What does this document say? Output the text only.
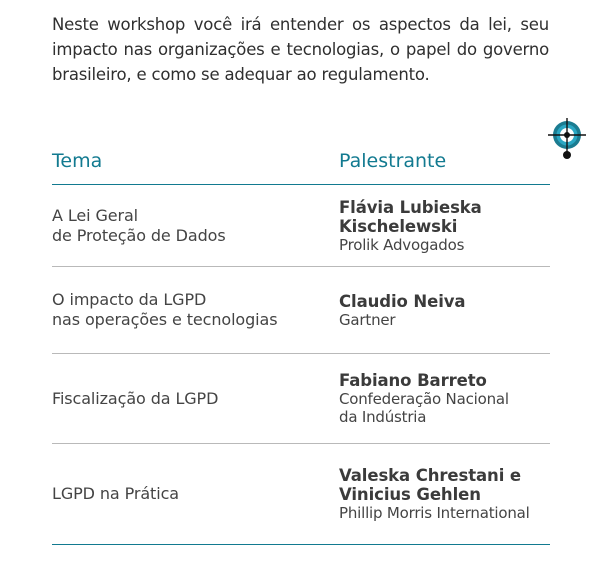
Neste workshop você irá entender os aspectos da lei, seu impacto nas organizações e tecnologias, o papel do governo brasileiro, e como se adequar ao regulamento.

Tema	Palestrante
A Lei Geral
de Proteção de Dados
Flávia Lubieska
Kischelewski
Prolik Advogados
O impacto da LGPD
nas operações e tecnologias
Claudio Neiva
Gartner
Fiscalização da LGPD
Fabiano Barreto
Confederação Nacional
da Indústria
LGPD na Prática
Valeska Chrestani e
Vinicius Gehlen
Phillip Morris International
